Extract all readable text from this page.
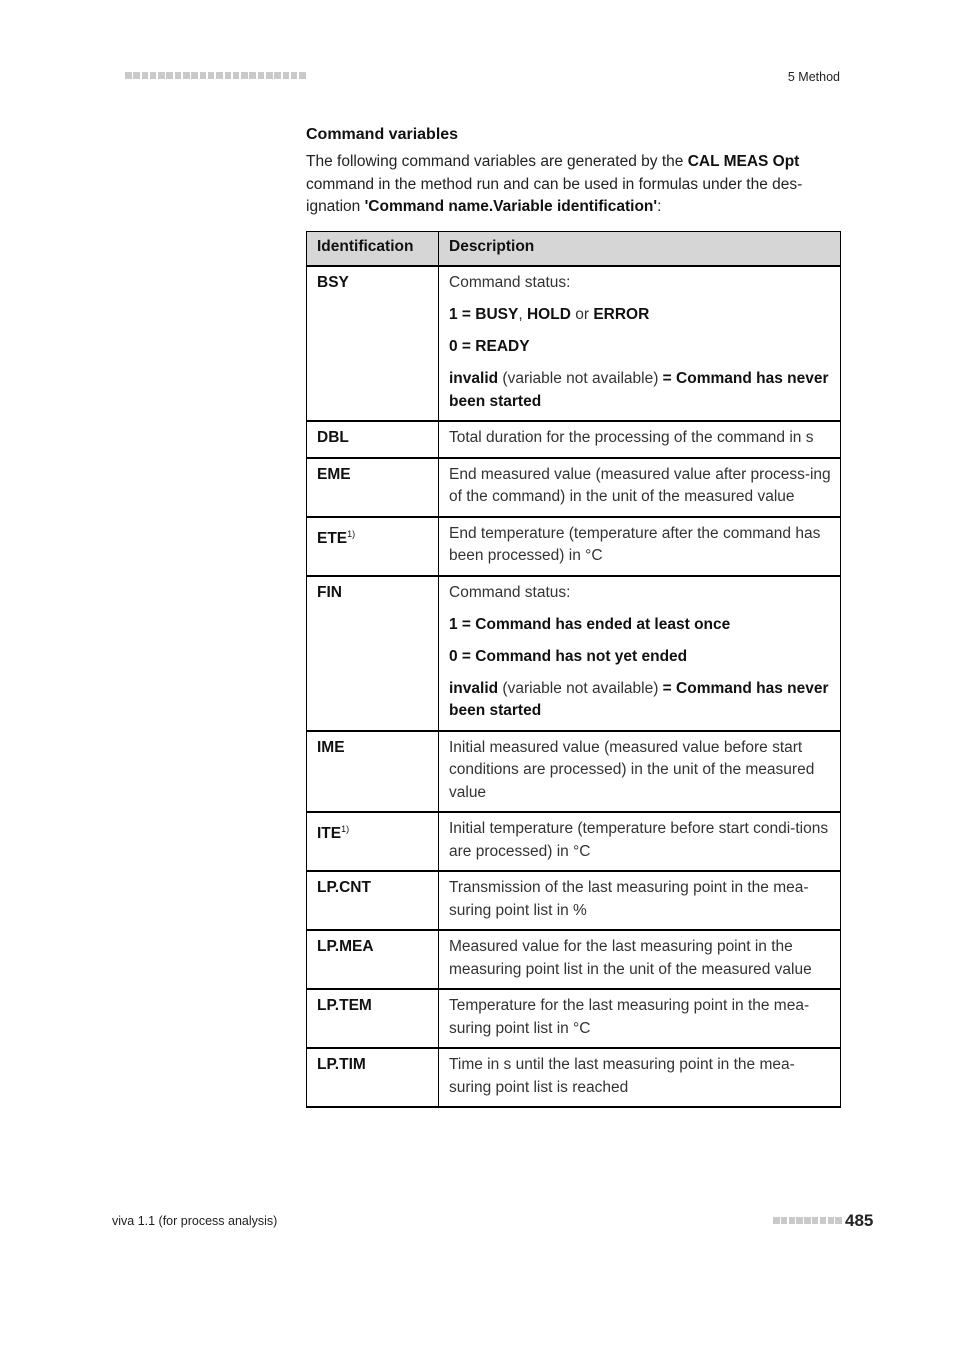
5 Method
Command variables

The following command variables are generated by the CAL MEAS Opt command in the method run and can be used in formulas under the des-ignation 'Command name.Variable identification':

Identification	Description
BSY	Command status:
1 = BUSY, HOLD or ERROR
0 = READY
invalid (variable not available) = Command has never been started

DBL	Total duration for the processing of the command in s

EME	End measured value (measured value after process-ing of the command) in the unit of the measured value

ETE$^{1)}$	End temperature (temperature after the command has been processed) in °C

FIN	Command status:
1 = Command has ended at least once
0 = Command has not yet ended
invalid (variable not available) = Command has never been started

IME	Initial measured value (measured value before start conditions are processed) in the unit of the measured value

ITE$^{1)}$	Initial temperature (temperature before start condi-tions are processed) in °C

LP.CNT	Transmission of the last measuring point in the mea-suring point list in %

LP.MEA	Measured value for the last measuring point in the measuring point list in the unit of the measured value

LP.TEM	Temperature for the last measuring point in the mea-suring point list in °C

LP.TIM	Time in s until the last measuring point in the mea-suring point list is reached
viva 1.1 (for process analysis)	485
